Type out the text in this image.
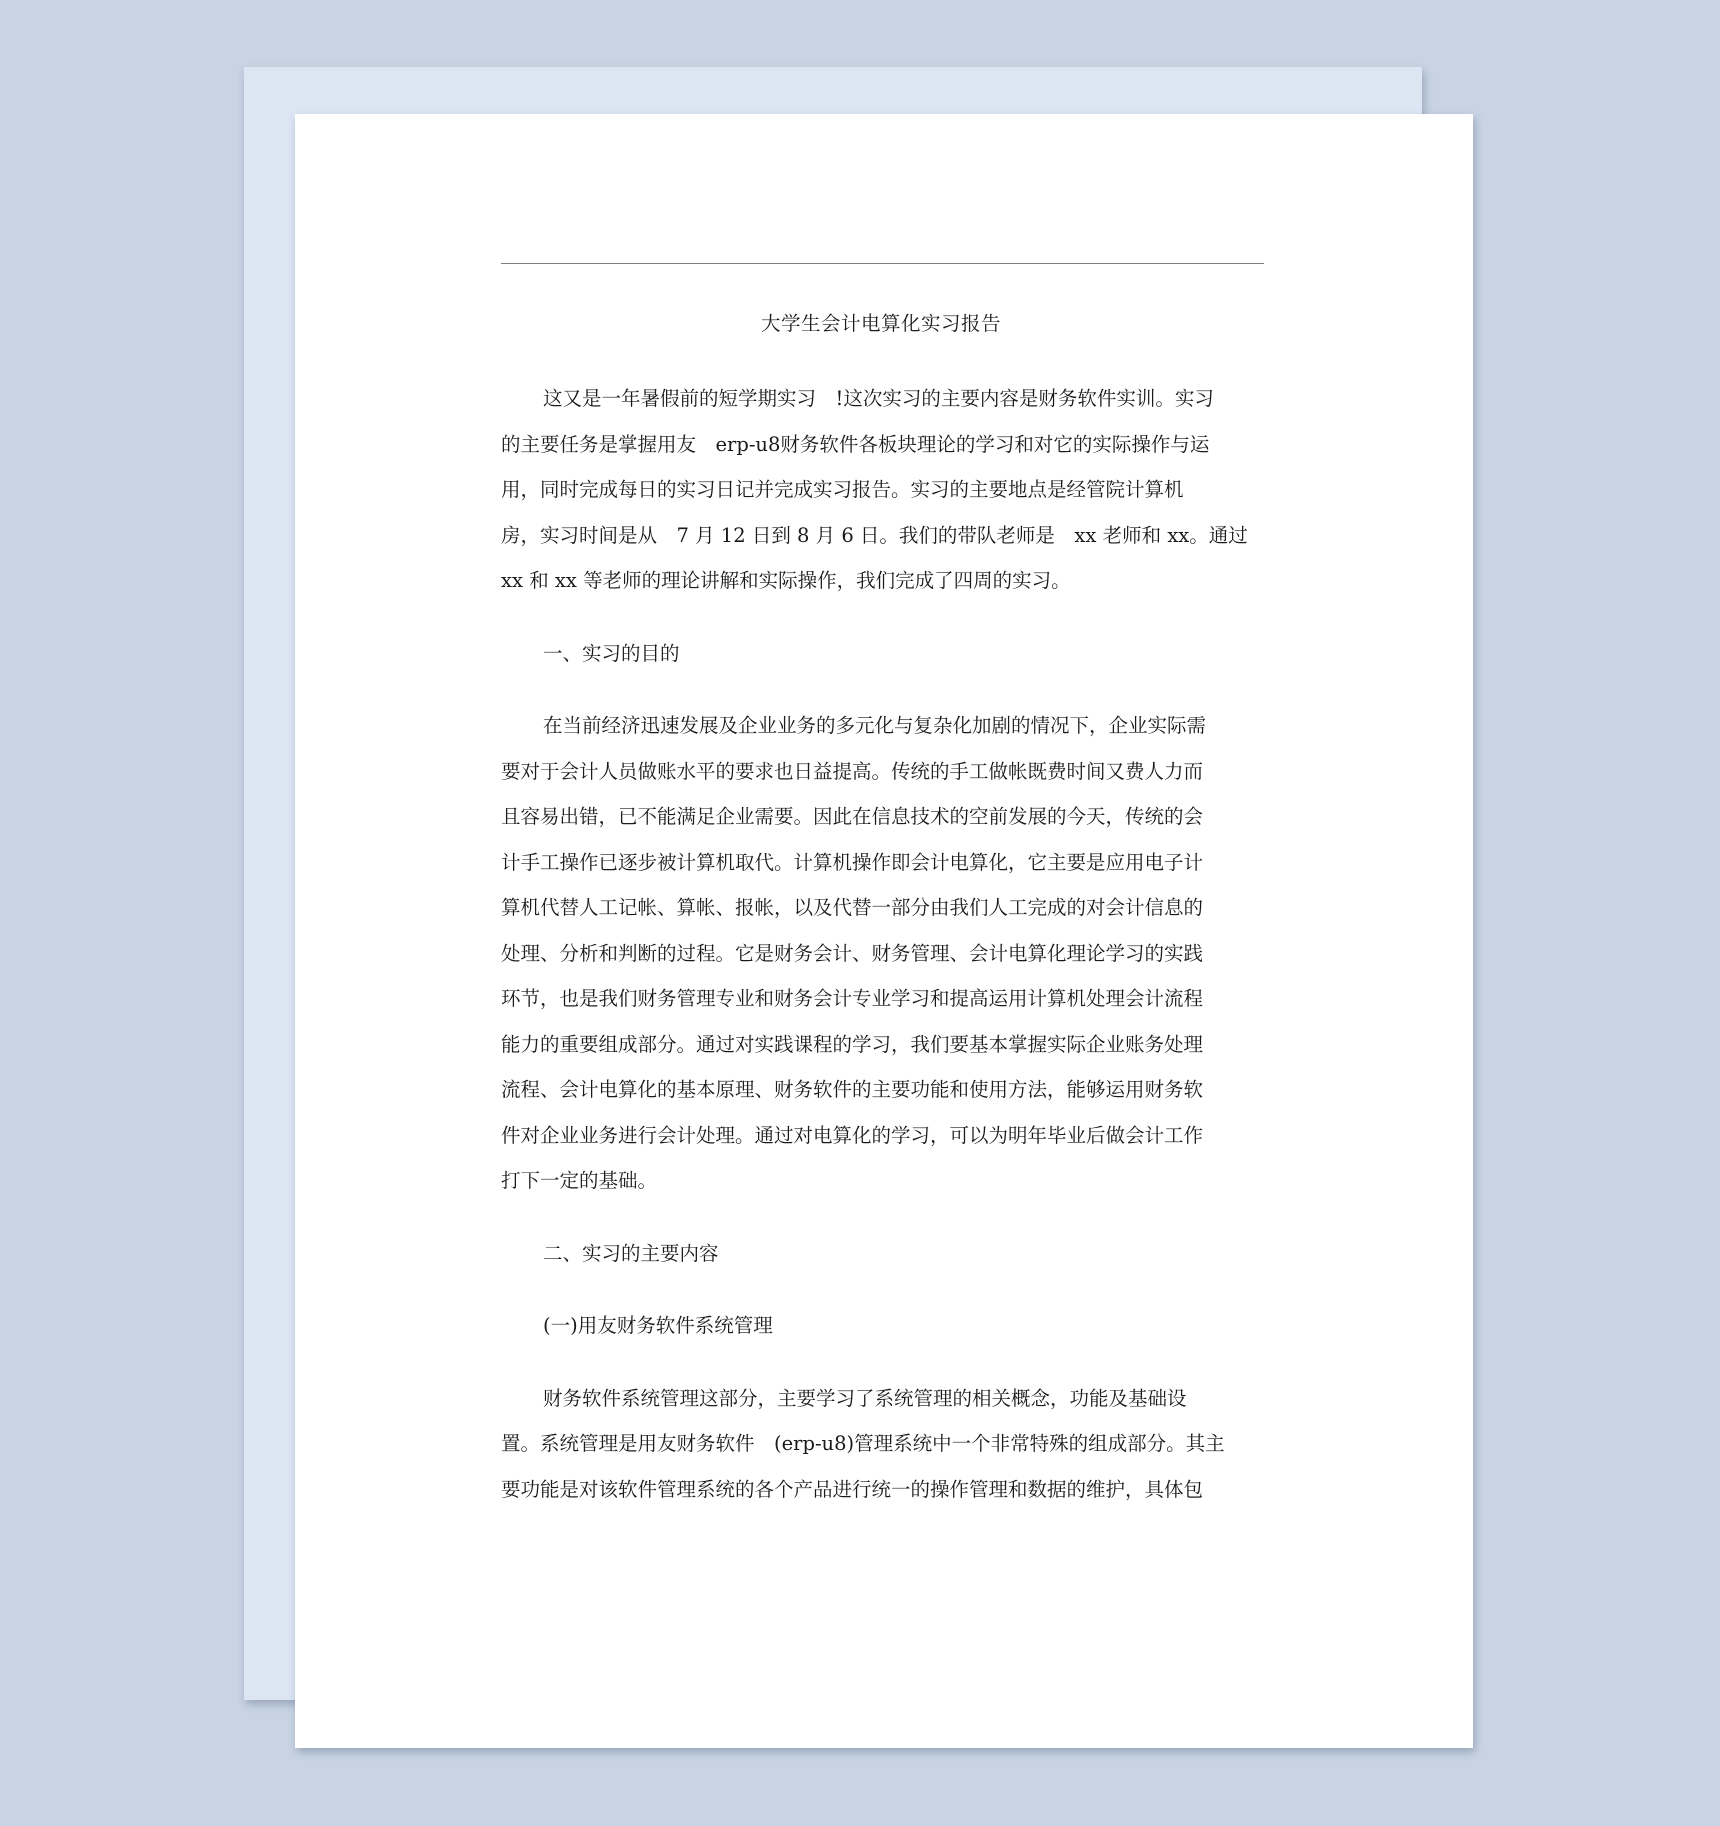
大学生会计电算化实习报告

这又是一年暑假前的短学期实习　!这次实习的主要内容是财务软件实训。实习

的主要任务是掌握用友　erp-u8财务软件各板块理论的学习和对它的实际操作与运

用，同时完成每日的实习日记并完成实习报告。实习的主要地点是经管院计算机

房，实习时间是从　7 月 12 日到 8 月 6 日。我们的带队老师是　xx 老师和 xx。通过

xx 和 xx 等老师的理论讲解和实际操作，我们完成了四周的实习。

一、实习的目的

在当前经济迅速发展及企业业务的多元化与复杂化加剧的情况下，企业实际需

要对于会计人员做账水平的要求也日益提高。传统的手工做帐既费时间又费人力而

且容易出错，已不能满足企业需要。因此在信息技术的空前发展的今天，传统的会

计手工操作已逐步被计算机取代。计算机操作即会计电算化，它主要是应用电子计

算机代替人工记帐、算帐、报帐，以及代替一部分由我们人工完成的对会计信息的

处理、分析和判断的过程。它是财务会计、财务管理、会计电算化理论学习的实践

环节，也是我们财务管理专业和财务会计专业学习和提高运用计算机处理会计流程

能力的重要组成部分。通过对实践课程的学习，我们要基本掌握实际企业账务处理

流程、会计电算化的基本原理、财务软件的主要功能和使用方法，能够运用财务软

件对企业业务进行会计处理。通过对电算化的学习，可以为明年毕业后做会计工作

打下一定的基础。

二、实习的主要内容
(一)用友财务软件系统管理

财务软件系统管理这部分，主要学习了系统管理的相关概念，功能及基础设

置。系统管理是用友财务软件　(erp-u8)管理系统中一个非常特殊的组成部分。其主

要功能是对该软件管理系统的各个产品进行统一的操作管理和数据的维护，具体包
